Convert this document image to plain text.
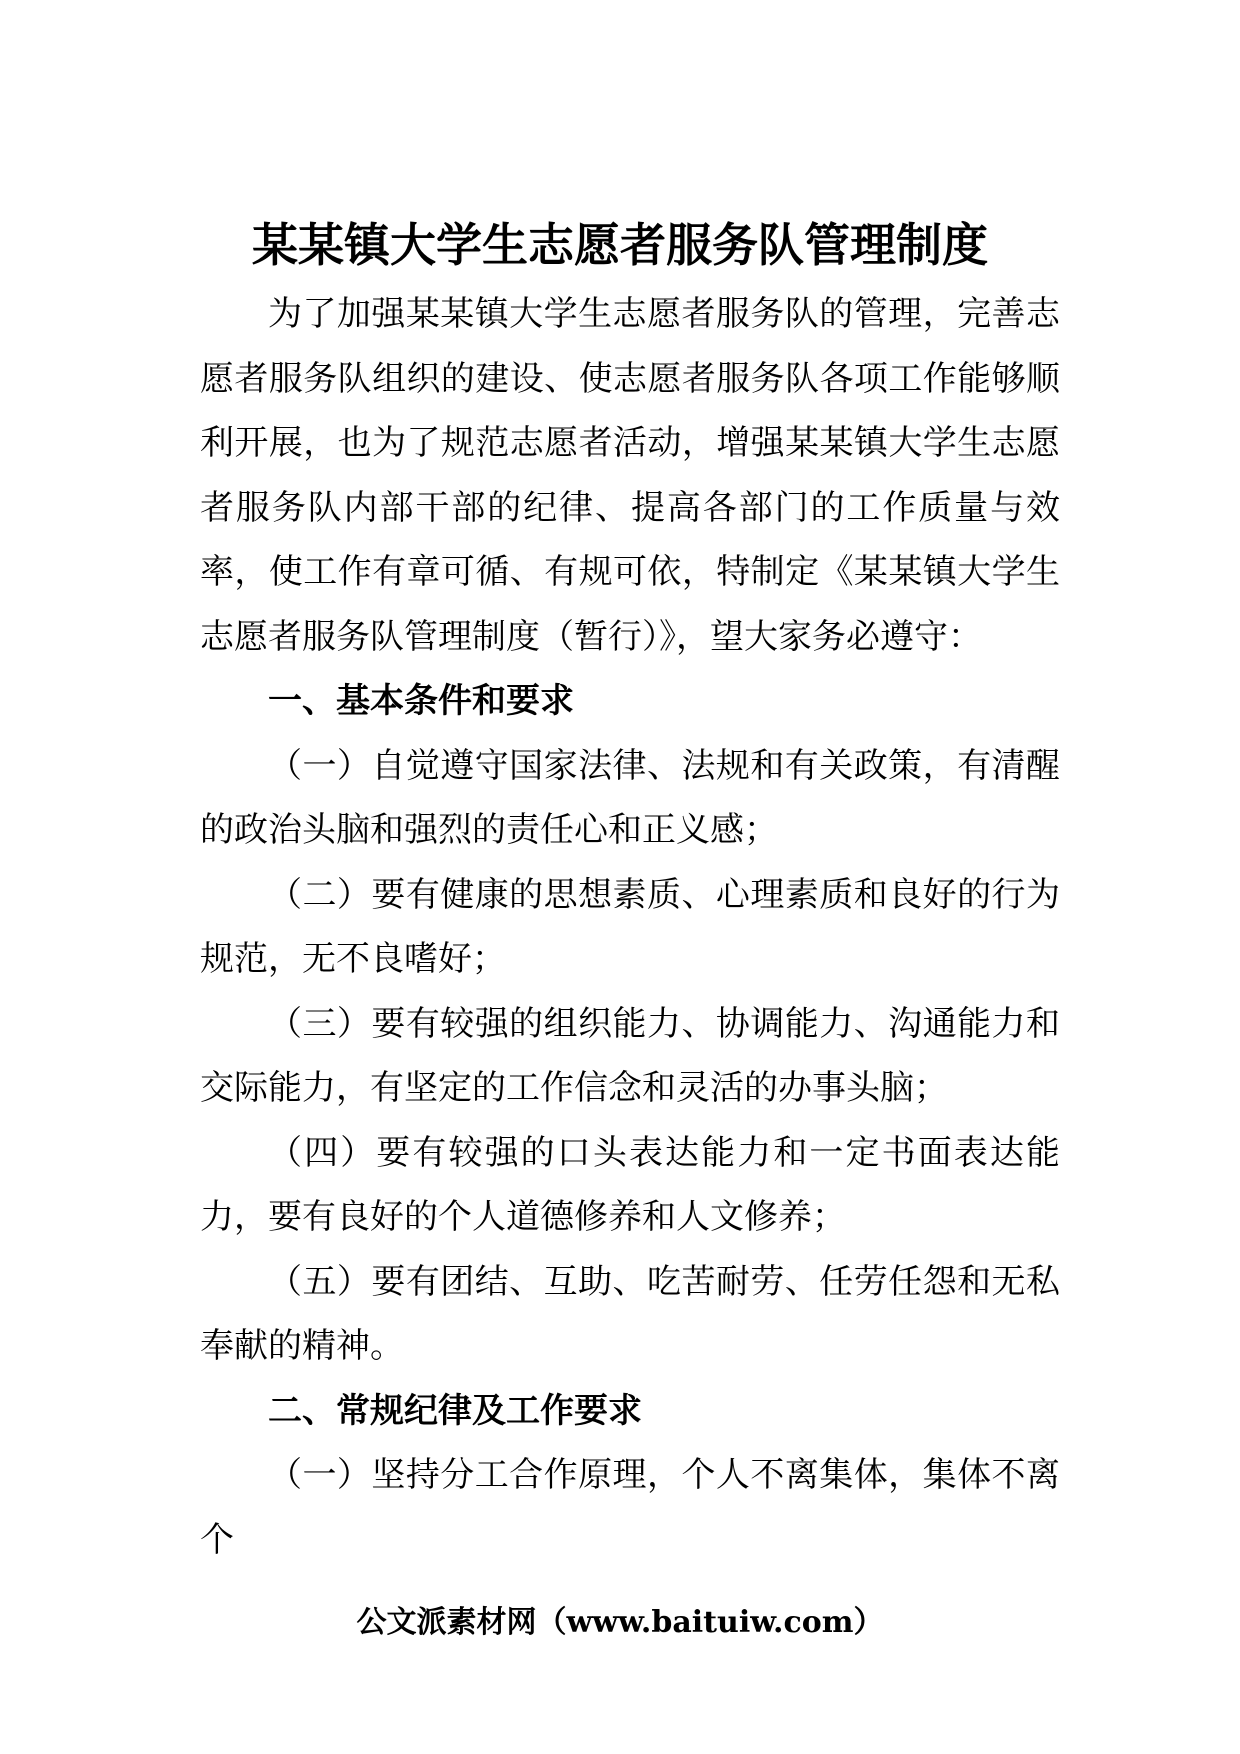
某某镇大学生志愿者服务队管理制度

为了加强某某镇大学生志愿者服务队的管理，完善志愿者服务队组织的建设、使志愿者服务队各项工作能够顺利开展，也为了规范志愿者活动，增强某某镇大学生志愿者服务队内部干部的纪律、提高各部门的工作质量与效率，使工作有章可循、有规可依，特制定《某某镇大学生志愿者服务队管理制度（暂行）》，望大家务必遵守：

一、基本条件和要求

（一）自觉遵守国家法律、法规和有关政策，有清醒的政治头脑和强烈的责任心和正义感；

（二）要有健康的思想素质、心理素质和良好的行为规范，无不良嗜好；

（三）要有较强的组织能力、协调能力、沟通能力和交际能力，有坚定的工作信念和灵活的办事头脑；

（四）要有较强的口头表达能力和一定书面表达能力，要有良好的个人道德修养和人文修养；

（五）要有团结、互助、吃苦耐劳、任劳任怨和无私奉献的精神。

二、常规纪律及工作要求

（一）坚持分工合作原理，个人不离集体，集体不离个

公文派素材网（www.baituiw.com）
